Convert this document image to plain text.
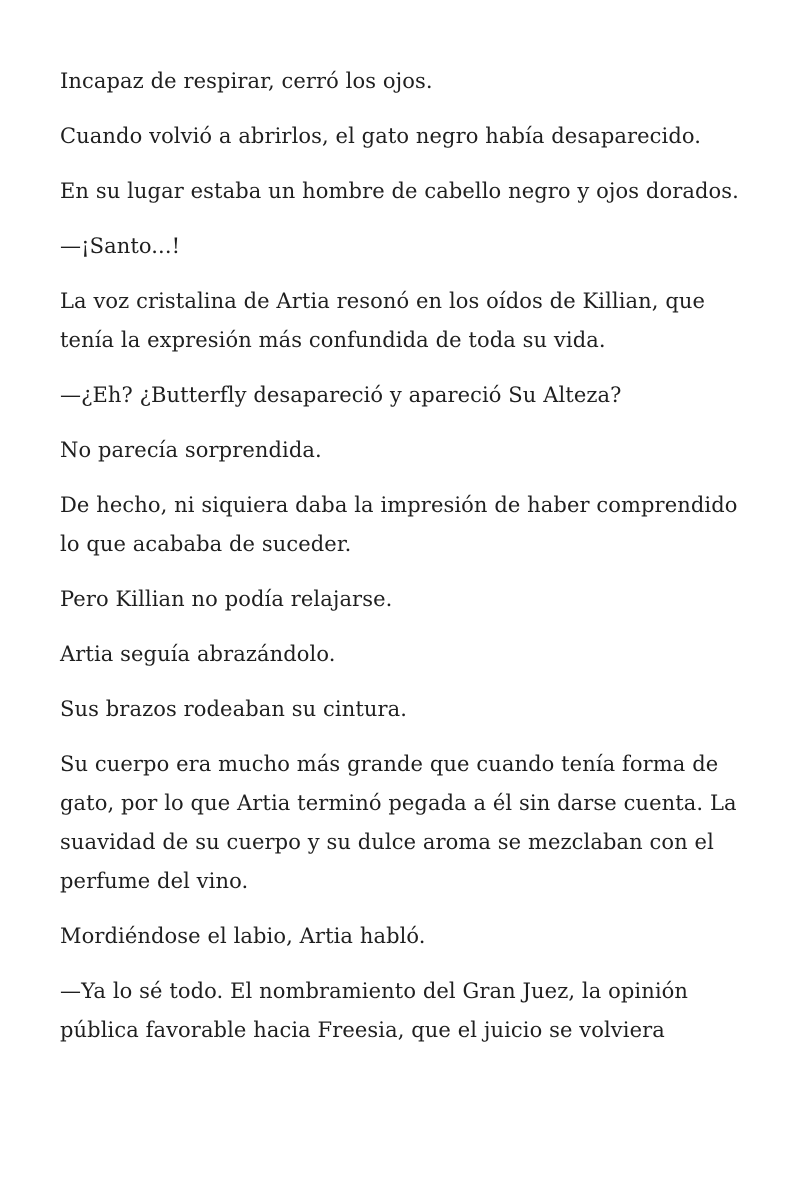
Incapaz de respirar, cerró los ojos.

Cuando volvió a abrirlos, el gato negro había desaparecido.

En su lugar estaba un hombre de cabello negro y ojos dorados.

—¡Santo...!

La voz cristalina de Artia resonó en los oídos de Killian, que tenía la expresión más confundida de toda su vida.

—¿Eh? ¿Butterfly desapareció y apareció Su Alteza?

No parecía sorprendida.

De hecho, ni siquiera daba la impresión de haber comprendido lo que acababa de suceder.

Pero Killian no podía relajarse.

Artia seguía abrazándolo.

Sus brazos rodeaban su cintura.

Su cuerpo era mucho más grande que cuando tenía forma de gato, por lo que Artia terminó pegada a él sin darse cuenta. La suavidad de su cuerpo y su dulce aroma se mezclaban con el perfume del vino.

Mordiéndose el labio, Artia habló.

—Ya lo sé todo. El nombramiento del Gran Juez, la opinión pública favorable hacia Freesia, que el juicio se volviera
